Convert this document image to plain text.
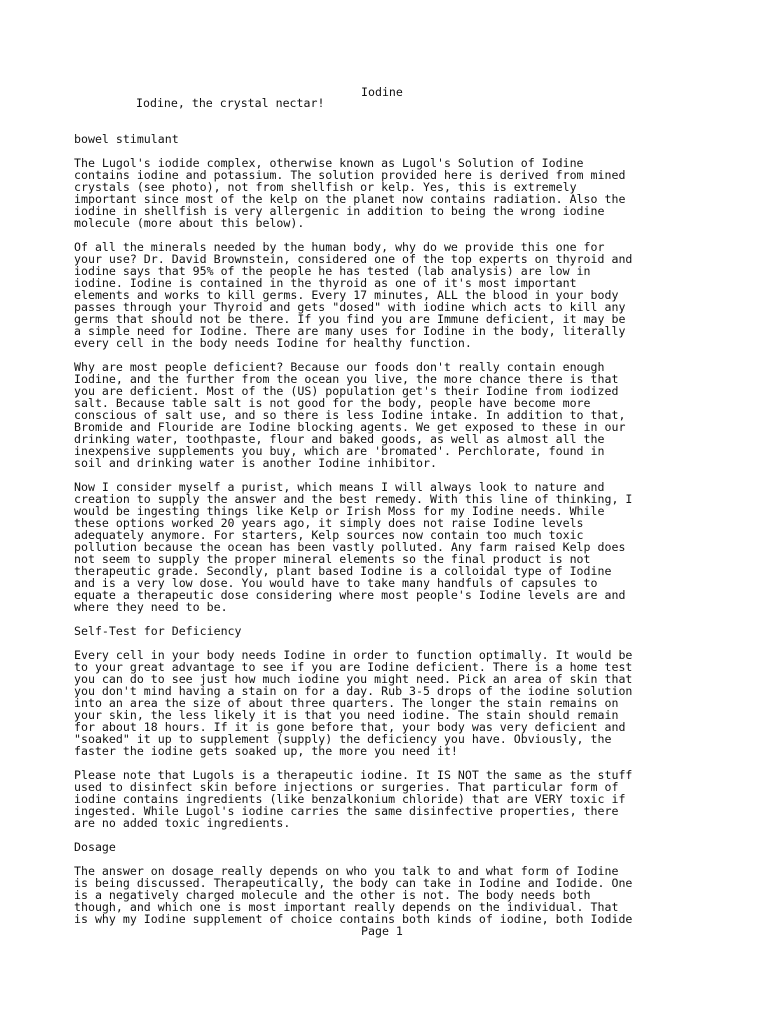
Iodine
Iodine, the crystal nectar!
bowel stimulant
The Lugol's iodide complex, otherwise known as Lugol's Solution of Iodine
contains iodine and potassium. The solution provided here is derived from mined
crystals (see photo), not from shellfish or kelp. Yes, this is extremely
important since most of the kelp on the planet now contains radiation. Also the
iodine in shellfish is very allergenic in addition to being the wrong iodine
molecule (more about this below).
Of all the minerals needed by the human body, why do we provide this one for
your use? Dr. David Brownstein, considered one of the top experts on thyroid and
iodine says that 95% of the people he has tested (lab analysis) are low in
iodine. Iodine is contained in the thyroid as one of it's most important
elements and works to kill germs. Every 17 minutes, ALL the blood in your body
passes through your Thyroid and gets "dosed" with iodine which acts to kill any
germs that should not be there. If you find you are Immune deficient, it may be
a simple need for Iodine. There are many uses for Iodine in the body, literally
every cell in the body needs Iodine for healthy function.
Why are most people deficient? Because our foods don't really contain enough
Iodine, and the further from the ocean you live, the more chance there is that
you are deficient. Most of the (US) population get's their Iodine from iodized
salt. Because table salt is not good for the body, people have become more
conscious of salt use, and so there is less Iodine intake. In addition to that,
Bromide and Flouride are Iodine blocking agents. We get exposed to these in our
drinking water, toothpaste, flour and baked goods, as well as almost all the
inexpensive supplements you buy, which are 'bromated'. Perchlorate, found in
soil and drinking water is another Iodine inhibitor.
Now I consider myself a purist, which means I will always look to nature and
creation to supply the answer and the best remedy. With this line of thinking, I
would be ingesting things like Kelp or Irish Moss for my Iodine needs. While
these options worked 20 years ago, it simply does not raise Iodine levels
adequately anymore. For starters, Kelp sources now contain too much toxic
pollution because the ocean has been vastly polluted. Any farm raised Kelp does
not seem to supply the proper mineral elements so the final product is not
therapeutic grade. Secondly, plant based Iodine is a colloidal type of Iodine
and is a very low dose. You would have to take many handfuls of capsules to
equate a therapeutic dose considering where most people's Iodine levels are and
where they need to be.
Self-Test for Deficiency
Every cell in your body needs Iodine in order to function optimally. It would be
to your great advantage to see if you are Iodine deficient. There is a home test
you can do to see just how much iodine you might need. Pick an area of skin that
you don't mind having a stain on for a day. Rub 3-5 drops of the iodine solution
into an area the size of about three quarters. The longer the stain remains on
your skin, the less likely it is that you need iodine. The stain should remain
for about 18 hours. If it is gone before that, your body was very deficient and
"soaked" it up to supplement (supply) the deficiency you have. Obviously, the
faster the iodine gets soaked up, the more you need it!
Please note that Lugols is a therapeutic iodine. It IS NOT the same as the stuff
used to disinfect skin before injections or surgeries. That particular form of
iodine contains ingredients (like benzalkonium chloride) that are VERY toxic if
ingested. While Lugol's iodine carries the same disinfective properties, there
are no added toxic ingredients.
Dosage
The answer on dosage really depends on who you talk to and what form of Iodine
is being discussed. Therapeutically, the body can take in Iodine and Iodide. One
is a negatively charged molecule and the other is not. The body needs both
though, and which one is most important really depends on the individual. That
is why my Iodine supplement of choice contains both kinds of iodine, both Iodide
Page 1
